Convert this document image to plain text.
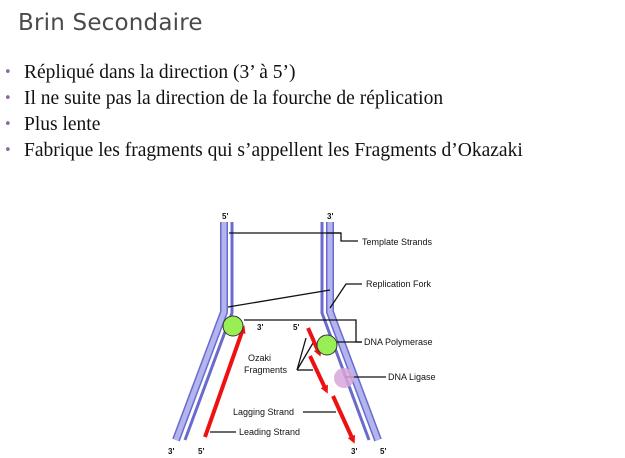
Brin Secondaire
• Répliqué dans la direction (3’ à 5’)
• Il ne suite pas la direction de la fourche de réplication
• Plus lente
• Fabrique les fragments qui s’appellent les Fragments d’Okazaki
5'	3'
3'	5'	3'	5'
3'	5'
Template Strands
Replication Fork
DNA Polymerase
Ozaki
Fragments
DNA Ligase
Lagging Strand
Leading Strand
